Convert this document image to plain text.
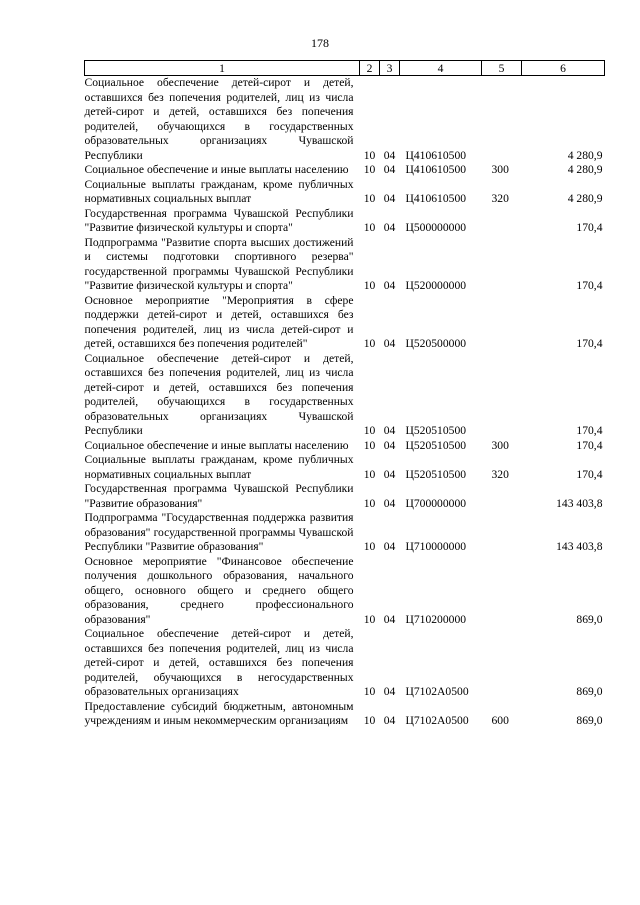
178
1	2	3	4	5	6
Социальное обеспечение детей-сирот и детей, оставшихся без попечения родителей, лиц из числа детей-сирот и детей, оставшихся без попечения родителей, обучающихся в государственных образовательных организациях Чувашской Республики	10	04	Ц410610500		4 280,9
Социальное обеспечение и иные выплаты населению	10	04	Ц410610500	300	4 280,9
Социальные выплаты гражданам, кроме публичных нормативных социальных выплат	10	04	Ц410610500	320	4 280,9
Государственная программа Чувашской Республики "Развитие физической культуры и спорта"	10	04	Ц500000000		170,4
Подпрограмма "Развитие спорта высших достижений и системы подготовки спортивного резерва" государственной программы Чувашской Республики "Развитие физической культуры и спорта"	10	04	Ц520000000		170,4
Основное мероприятие "Мероприятия в сфере поддержки детей-сирот и детей, оставшихся без попечения родителей, лиц из числа детей-сирот и детей, оставшихся без попечения родителей"	10	04	Ц520500000		170,4
Социальное обеспечение детей-сирот и детей, оставшихся без попечения родителей, лиц из числа детей-сирот и детей, оставшихся без попечения родителей, обучающихся в государственных образовательных организациях Чувашской Республики	10	04	Ц520510500		170,4
Социальное обеспечение и иные выплаты населению	10	04	Ц520510500	300	170,4
Социальные выплаты гражданам, кроме публичных нормативных социальных выплат	10	04	Ц520510500	320	170,4
Государственная программа Чувашской Республики "Развитие образования"	10	04	Ц700000000		143 403,8
Подпрограмма "Государственная поддержка развития образования" государственной программы Чувашской Республики "Развитие образования"	10	04	Ц710000000		143 403,8
Основное мероприятие "Финансовое обеспечение получения дошкольного образования, начального общего, основного общего и среднего общего образования, среднего профессионального образования"	10	04	Ц710200000		869,0
Социальное обеспечение детей-сирот и детей, оставшихся без попечения родителей, лиц из числа детей-сирот и детей, оставшихся без попечения родителей, обучающихся в негосударственных образовательных организациях	10	04	Ц7102А0500		869,0
Предоставление субсидий бюджетным, автономным учреждениям и иным некоммерческим организациям	10	04	Ц7102А0500	600	869,0
